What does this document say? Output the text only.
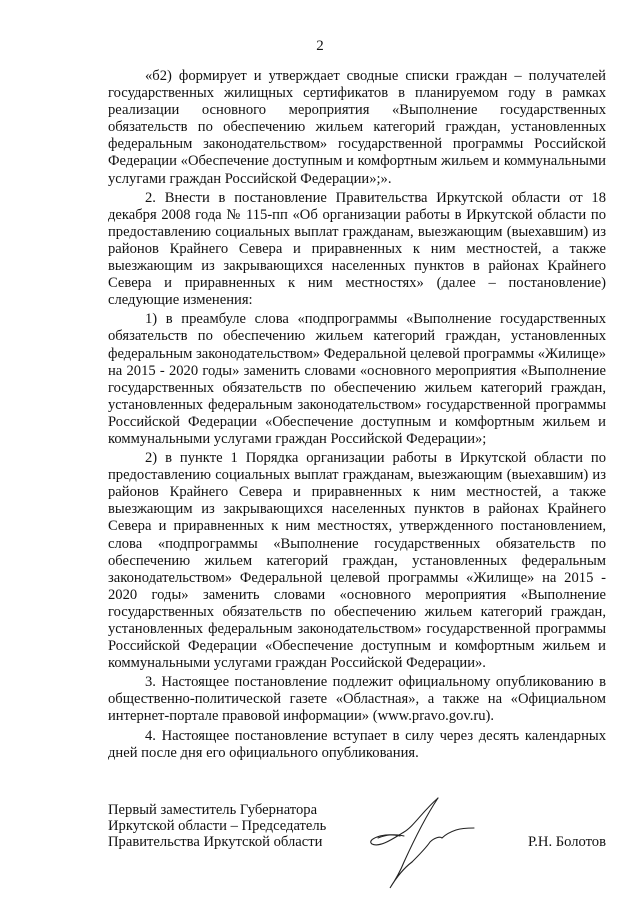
2

«б2) формирует и утверждает сводные списки граждан – получателей государственных жилищных сертификатов в планируемом году в рамках реализации основного мероприятия «Выполнение государственных обязательств по обеспечению жильем категорий граждан, установленных федеральным законодательством» государственной программы Российской Федерации «Обеспечение доступным и комфортным жильем и коммунальными услугами граждан Российской Федерации»;».

2. Внести в постановление Правительства Иркутской области от 18 декабря 2008 года № 115-пп «Об организации работы в Иркутской области по предоставлению социальных выплат гражданам, выезжающим (выехавшим) из районов Крайнего Севера и приравненных к ним местностей, а также выезжающим из закрывающихся населенных пунктов в районах Крайнего Севера и приравненных к ним местностях» (далее – постановление) следующие изменения:

1) в преамбуле слова «подпрограммы «Выполнение государственных обязательств по обеспечению жильем категорий граждан, установленных федеральным законодательством» Федеральной целевой программы «Жилище» на 2015 - 2020 годы» заменить словами «основного мероприятия «Выполнение государственных обязательств по обеспечению жильем категорий граждан, установленных федеральным законодательством» государственной программы Российской Федерации «Обеспечение доступным и комфортным жильем и коммунальными услугами граждан Российской Федерации»;

2) в пункте 1 Порядка организации работы в Иркутской области по предоставлению социальных выплат гражданам, выезжающим (выехавшим) из районов Крайнего Севера и приравненных к ним местностей, а также выезжающим из закрывающихся населенных пунктов в районах Крайнего Севера и приравненных к ним местностях, утвержденного постановлением, слова «подпрограммы «Выполнение государственных обязательств по обеспечению жильем категорий граждан, установленных федеральным законодательством» Федеральной целевой программы «Жилище» на 2015 - 2020 годы» заменить словами «основного мероприятия «Выполнение государственных обязательств по обеспечению жильем категорий граждан, установленных федеральным законодательством» государственной программы Российской Федерации «Обеспечение доступным и комфортным жильем и коммунальными услугами граждан Российской Федерации».

3. Настоящее постановление подлежит официальному опубликованию в общественно-политической газете «Областная», а также на «Официальном интернет-портале правовой информации» (www.pravo.gov.ru).

4. Настоящее постановление вступает в силу через десять календарных дней после дня его официального опубликования.

Первый заместитель Губернатора
Иркутской области – Председатель
Правительства Иркутской области	Р.Н. Болотов
